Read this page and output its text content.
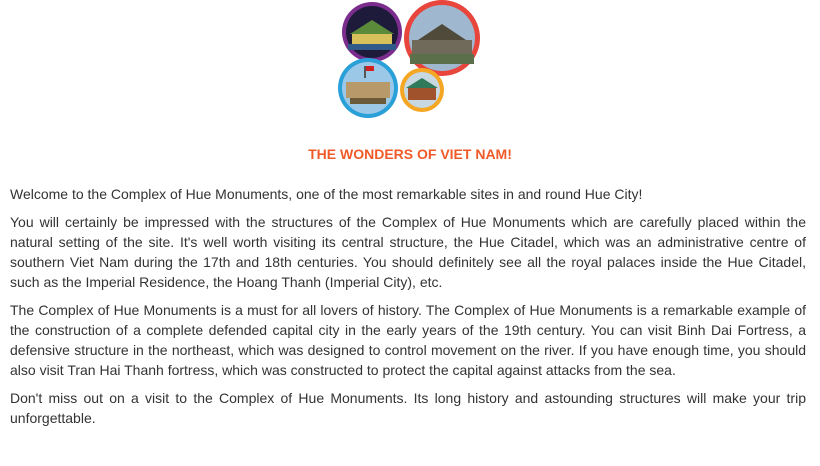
THE WONDERS OF VIET NAM!

Welcome to the Complex of Hue Monuments, one of the most remarkable sites in and round Hue City!

You will certainly be impressed with the structures of the Complex of Hue Monuments which are carefully placed within the natural setting of the site. It's well worth visiting its central structure, the Hue Citadel, which was an administrative centre of southern Viet Nam during the 17th and 18th centuries. You should definitely see all the royal palaces inside the Hue Citadel, such as the Imperial Residence, the Hoang Thanh (Imperial City), etc.

The Complex of Hue Monuments is a must for all lovers of history. The Complex of Hue Monuments is a remarkable example of the construction of a complete defended capital city in the early years of the 19th century. You can visit Binh Dai Fortress, a defensive structure in the northeast, which was designed to control movement on the river. If you have enough time, you should also visit Tran Hai Thanh fortress, which was constructed to protect the capital against attacks from the sea.

Don't miss out on a visit to the Complex of Hue Monuments. Its long history and astounding structures will make your trip unforgettable.
